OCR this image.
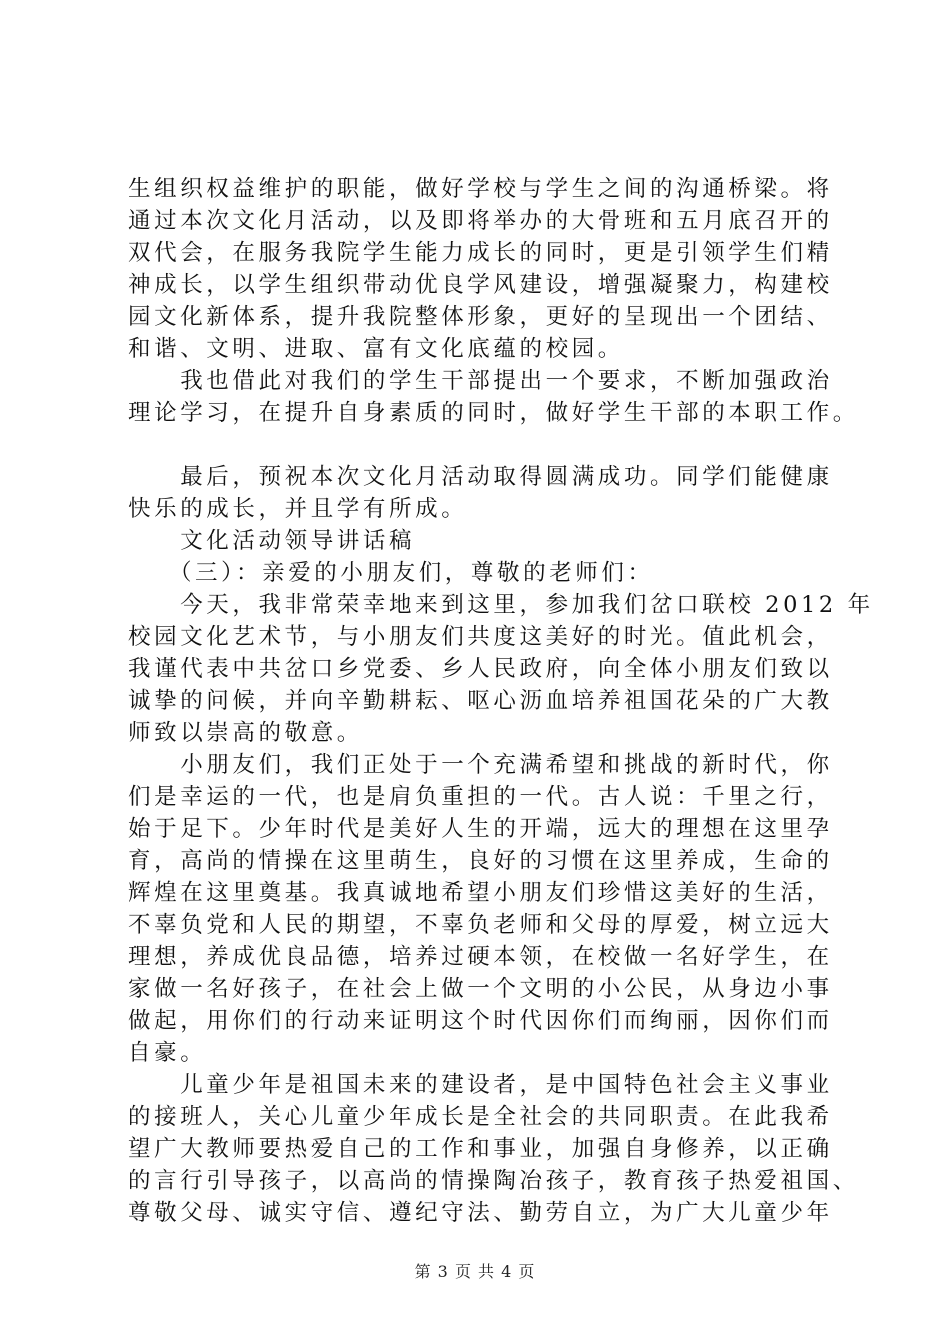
生组织权益维护的职能，做好学校与学生之间的沟通桥梁。将
通过本次文化月活动，以及即将举办的大骨班和五月底召开的
双代会，在服务我院学生能力成长的同时，更是引领学生们精
神成长，以学生组织带动优良学风建设，增强凝聚力，构建校
园文化新体系，提升我院整体形象，更好的呈现出一个团结、
和谐、文明、进取、富有文化底蕴的校园。
　　我也借此对我们的学生干部提出一个要求，不断加强政治
理论学习，在提升自身素质的同时，做好学生干部的本职工作。
　　最后，预祝本次文化月活动取得圆满成功。同学们能健康
快乐的成长，并且学有所成。
　　文化活动领导讲话稿
　　（三）：亲爱的小朋友们，尊敬的老师们：
　　今天，我非常荣幸地来到这里，参加我们岔口联校 2012 年
校园文化艺术节，与小朋友们共度这美好的时光。值此机会，
我谨代表中共岔口乡党委、乡人民政府，向全体小朋友们致以
诚挚的问候，并向辛勤耕耘、呕心沥血培养祖国花朵的广大教
师致以崇高的敬意。
　　小朋友们，我们正处于一个充满希望和挑战的新时代，你
们是幸运的一代，也是肩负重担的一代。古人说：千里之行，
始于足下。少年时代是美好人生的开端，远大的理想在这里孕
育，高尚的情操在这里萌生，良好的习惯在这里养成，生命的
辉煌在这里奠基。我真诚地希望小朋友们珍惜这美好的生活，
不辜负党和人民的期望，不辜负老师和父母的厚爱，树立远大
理想，养成优良品德，培养过硬本领，在校做一名好学生，在
家做一名好孩子，在社会上做一个文明的小公民，从身边小事
做起，用你们的行动来证明这个时代因你们而绚丽，因你们而
自豪。
　　儿童少年是祖国未来的建设者，是中国特色社会主义事业
的接班人，关心儿童少年成长是全社会的共同职责。在此我希
望广大教师要热爱自己的工作和事业，加强自身修养，以正确
的言行引导孩子，以高尚的情操陶冶孩子，教育孩子热爱祖国、
尊敬父母、诚实守信、遵纪守法、勤劳自立，为广大儿童少年
第 3 页 共 4 页
